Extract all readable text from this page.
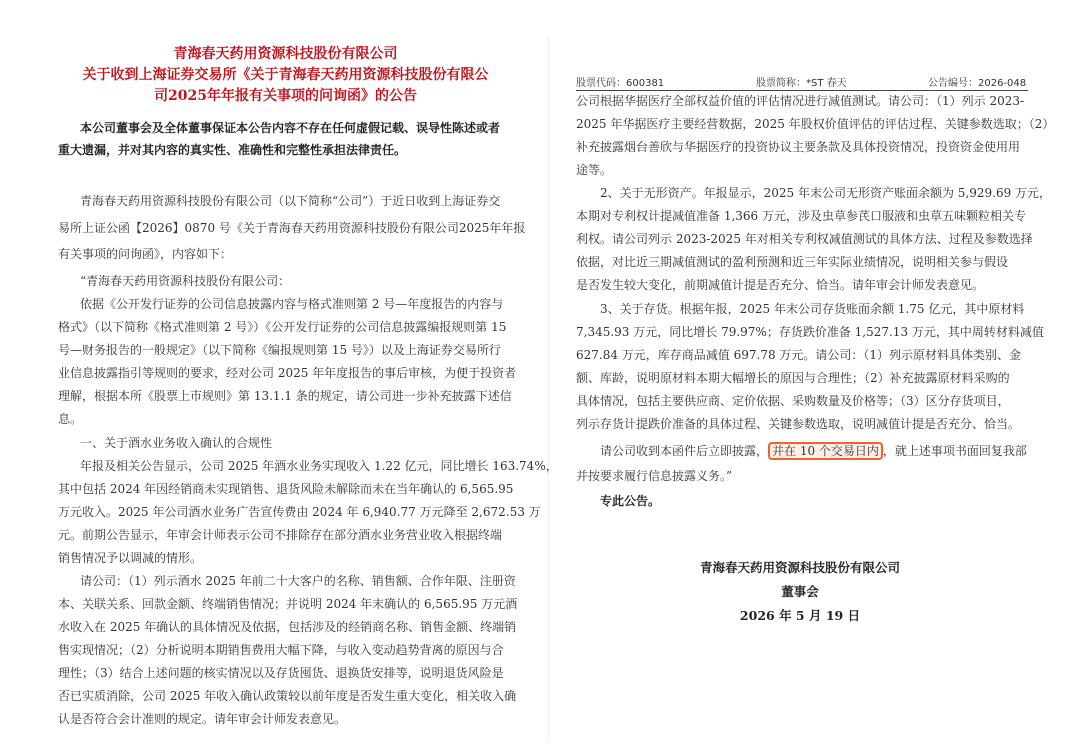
青海春天药用资源科技股份有限公司
关于收到上海证券交易所《关于青海春天药用资源科技股份有限公
司2025年年报有关事项的问询函》的公告
本公司董事会及全体董事保证本公告内容不存在任何虚假记载、误导性陈述或者
重大遗漏，并对其内容的真实性、准确性和完整性承担法律责任。
青海春天药用资源科技股份有限公司（以下简称“公司”）于近日收到上海证券交
易所上证公函【2026】0870 号《关于青海春天药用资源科技股份有限公司2025年年报
有关事项的问询函》，内容如下：
“青海春天药用资源科技股份有限公司：
依据《公开发行证券的公司信息披露内容与格式准则第 2 号—年度报告的内容与
格式》（以下简称《格式准则第 2 号》）《公开发行证券的公司信息披露编报规则第 15
号—财务报告的一般规定》（以下简称《编报规则第 15 号》）以及上海证券交易所行
业信息披露指引等规则的要求，经对公司 2025 年年度报告的事后审核，为便于投资者
理解，根据本所《股票上市规则》第 13.1.1 条的规定，请公司进一步补充披露下述信
息。
一、关于酒水业务收入确认的合规性
年报及相关公告显示，公司 2025 年酒水业务实现收入 1.22 亿元，同比增长 163.74%，
其中包括 2024 年因经销商未实现销售、退货风险未解除而未在当年确认的 6,565.95
万元收入。2025 年公司酒水业务广告宣传费由 2024 年 6,940.77 万元降至 2,672.53 万
元。前期公告显示，年审会计师表示公司不排除存在部分酒水业务营业收入根据终端
销售情况予以调减的情形。
请公司：（1）列示酒水 2025 年前二十大客户的名称、销售额、合作年限、注册资
本、关联关系、回款金额、终端销售情况；并说明 2024 年末确认的 6,565.95 万元酒
水收入在 2025 年确认的具体情况及依据，包括涉及的经销商名称、销售金额、终端销
售实现情况；（2）分析说明本期销售费用大幅下降，与收入变动趋势背离的原因与合
理性；（3）结合上述问题的核实情况以及存货囤货、退换货安排等，说明退货风险是
否已实质消除，公司 2025 年收入确认政策较以前年度是否发生重大变化，相关收入确
认是否符合会计准则的规定。请年审会计师发表意见。
股票代码：600381	股票简称：*ST 春天	公告编号：2026-048
公司根据华据医疗全部权益价值的评估情况进行减值测试。请公司：（1）列示 2023-
2025 年华据医疗主要经营数据，2025 年股权价值评估的评估过程、关键参数选取；（2）
补充披露烟台善欣与华据医疗的投资协议主要条款及具体投资情况，投资资金使用用
途等。
2、关于无形资产。年报显示，2025 年末公司无形资产账面余额为 5,929.69 万元，
本期对专利权计提减值准备 1,366 万元，涉及虫草参芪口服液和虫草五味颗粒相关专
利权。请公司列示 2023-2025 年对相关专利权减值测试的具体方法、过程及参数选择
依据，对比近三期减值测试的盈利预测和近三年实际业绩情况，说明相关参与假设
是否发生较大变化，前期减值计提是否充分、恰当。请年审会计师发表意见。
3、关于存货。根据年报，2025 年末公司存货账面余额 1.75 亿元，其中原材料
7,345.93 万元，同比增长 79.97%；存货跌价准备 1,527.13 万元，其中周转材料减值
627.84 万元，库存商品减值 697.78 万元。请公司：（1）列示原材料具体类别、金
额、库龄，说明原材料本期大幅增长的原因与合理性；（2）补充披露原材料采购的
具体情况，包括主要供应商、定价依据、采购数量及价格等；（3）区分存货项目，
列示存货计提跌价准备的具体过程、关键参数选取，说明减值计提是否充分、恰当。
请公司收到本函件后立即披露， 并在 10 个交易日内 ，就上述事项书面回复我部
并按要求履行信息披露义务。”
专此公告。
青海春天药用资源科技股份有限公司
董事会
2026 年 5 月 19 日
